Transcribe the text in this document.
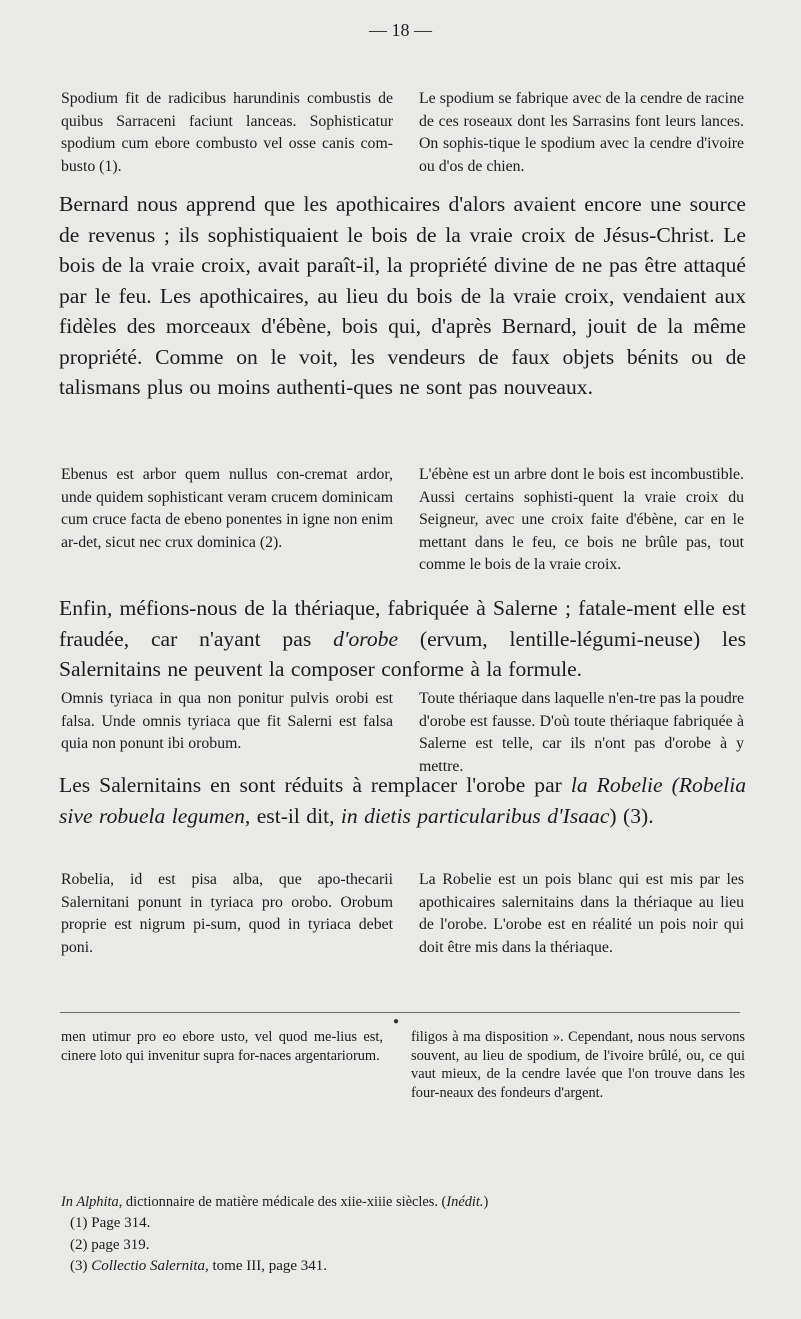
— 18 —
Spodium fit de radicibus harundinis combustis de quibus Sarraceni faciunt lanceas. Sophisticatur spodium cum ebore combusto vel osse canis com-busto (1).
Le spodium se fabrique avec de la cendre de racine de ces roseaux dont les Sarrasins font leurs lances. On sophis-tique le spodium avec la cendre d'ivoire ou d'os de chien.
Bernard nous apprend que les apothicaires d'alors avaient encore une source de revenus ; ils sophistiquaient le bois de la vraie croix de Jésus-Christ. Le bois de la vraie croix, avait paraît-il, la propriété divine de ne pas être attaqué par le feu. Les apothicaires, au lieu du bois de la vraie croix, vendaient aux fidèles des morceaux d'ébène, bois qui, d'après Bernard, jouit de la même propriété. Comme on le voit, les vendeurs de faux objets bénits ou de talismans plus ou moins authenti-ques ne sont pas nouveaux.
Ebenus est arbor quem nullus con-cremat ardor, unde quidem sophisticant veram crucem dominicam cum cruce facta de ebeno ponentes in igne non enim ar-det, sicut nec crux dominica (2).
L'ébène est un arbre dont le bois est incombustible. Aussi certains sophisti-quent la vraie croix du Seigneur, avec une croix faite d'ébène, car en le mettant dans le feu, ce bois ne brûle pas, tout comme le bois de la vraie croix.
Enfin, méfions-nous de la thériaque, fabriquée à Salerne ; fatale-ment elle est fraudée, car n'ayant pas d'orobe (ervum, lentille-légumi-neuse) les Salernitains ne peuvent la composer conforme à la formule.
Omnis tyriaca in qua non ponitur pulvis orobi est falsa. Unde omnis tyriaca que fit Salerni est falsa quia non ponunt ibi orobum.
Toute thériaque dans laquelle n'en-tre pas la poudre d'orobe est fausse. D'où toute thériaque fabriquée à Salerne est telle, car ils n'ont pas d'orobe à y mettre.
Les Salernitains en sont réduits à remplacer l'orobe par la Robelie (Robelia sive robuela legumen, est-il dit, in dietis particularibus d'Isaac) (3).
Robelia, id est pisa alba, que apo-thecarii Salernitani ponunt in tyriaca pro orobo. Orobum proprie est nigrum pi-sum, quod in tyriaca debet poni.
La Robelie est un pois blanc qui est mis par les apothicaires salernitains dans la thériaque au lieu de l'orobe. L'orobe est en réalité un pois noir qui doit être mis dans la thériaque.
●
men utimur pro eo ebore usto, vel quod me-lius est, cinere loto qui invenitur supra for-naces argentariorum.
filigos à ma disposition ». Cependant, nous nous servons souvent, au lieu de spodium, de l'ivoire brûlé, ou, ce qui vaut mieux, de la cendre lavée que l'on trouve dans les four-neaux des fondeurs d'argent.
In Alphita, dictionnaire de matière médicale des xiie-xiiie siècles. (Inédit.)
(1) Page 314.
(2) page 319.
(3) Collectio Salernita, tome III, page 341.
